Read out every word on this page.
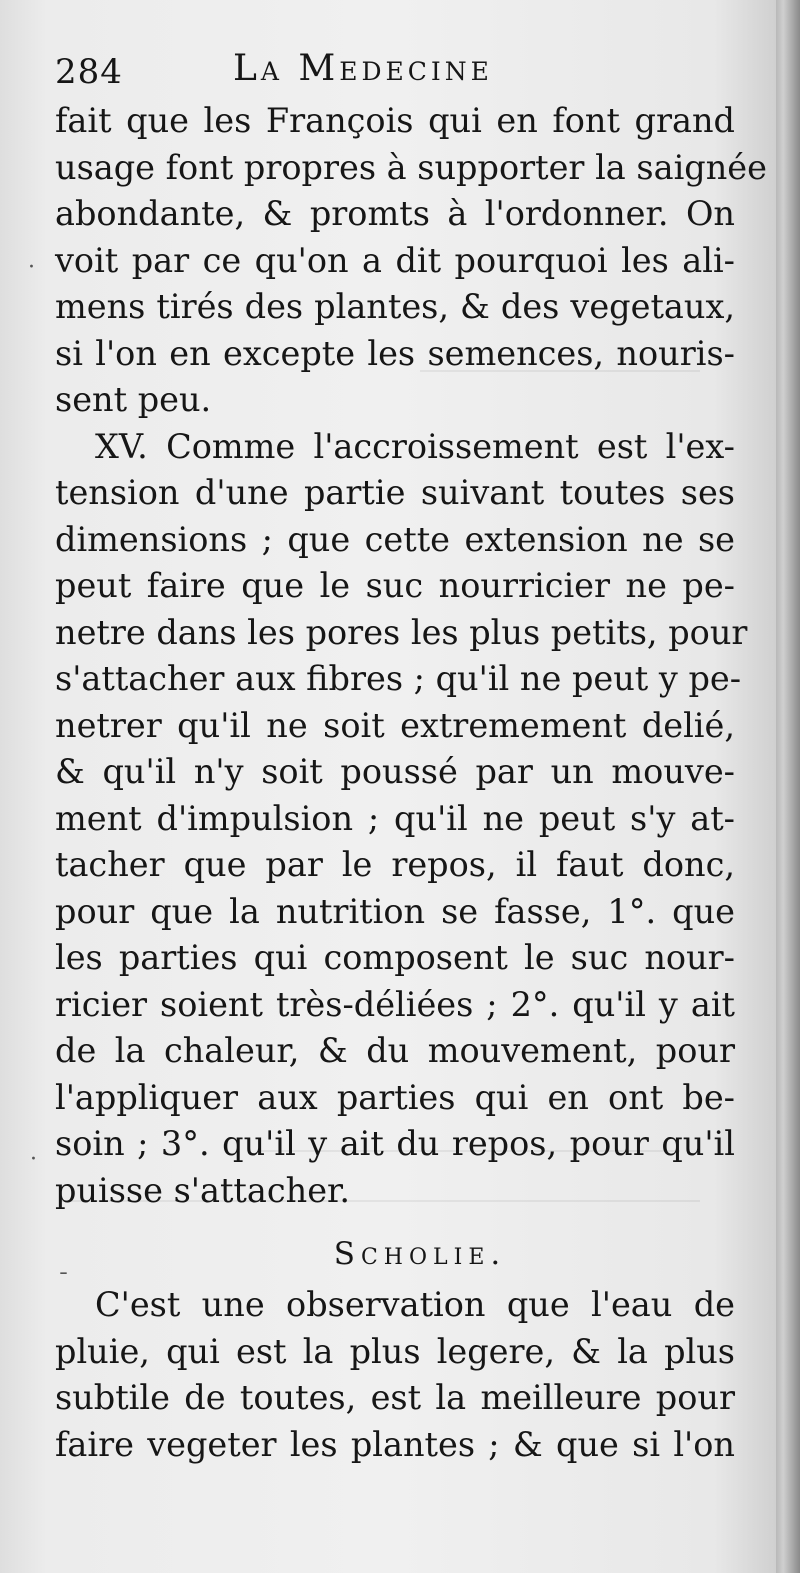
284	La Medecine
fait que les François qui en font grand
usage font propres à supporter la saignée
abondante, & promts à l'ordonner. On
voit par ce qu'on a dit pourquoi les ali-
mens tirés des plantes, & des vegetaux,
si l'on en excepte les semences, nouris-
sent peu.
XV. Comme l'accroissement est l'ex-
tension d'une partie suivant toutes ses
dimensions ; que cette extension ne se
peut faire que le suc nourricier ne pe-
netre dans les pores les plus petits, pour
s'attacher aux fibres ; qu'il ne peut y pe-
netrer qu'il ne soit extremement delié,
& qu'il n'y soit poussé par un mouve-
ment d'impulsion ; qu'il ne peut s'y at-
tacher que par le repos, il faut donc,
pour que la nutrition se fasse, 1°. que
les parties qui composent le suc nour-
ricier soient très-déliées ; 2°. qu'il y ait
de la chaleur, & du mouvement, pour
l'appliquer aux parties qui en ont be-
soin ; 3°. qu'il y ait du repos, pour qu'il
puisse s'attacher.
Scholie.
C'est une observation que l'eau de
pluie, qui est la plus legere, & la plus
subtile de toutes, est la meilleure pour
faire vegeter les plantes ; & que si l'on
·
·
ˉ
